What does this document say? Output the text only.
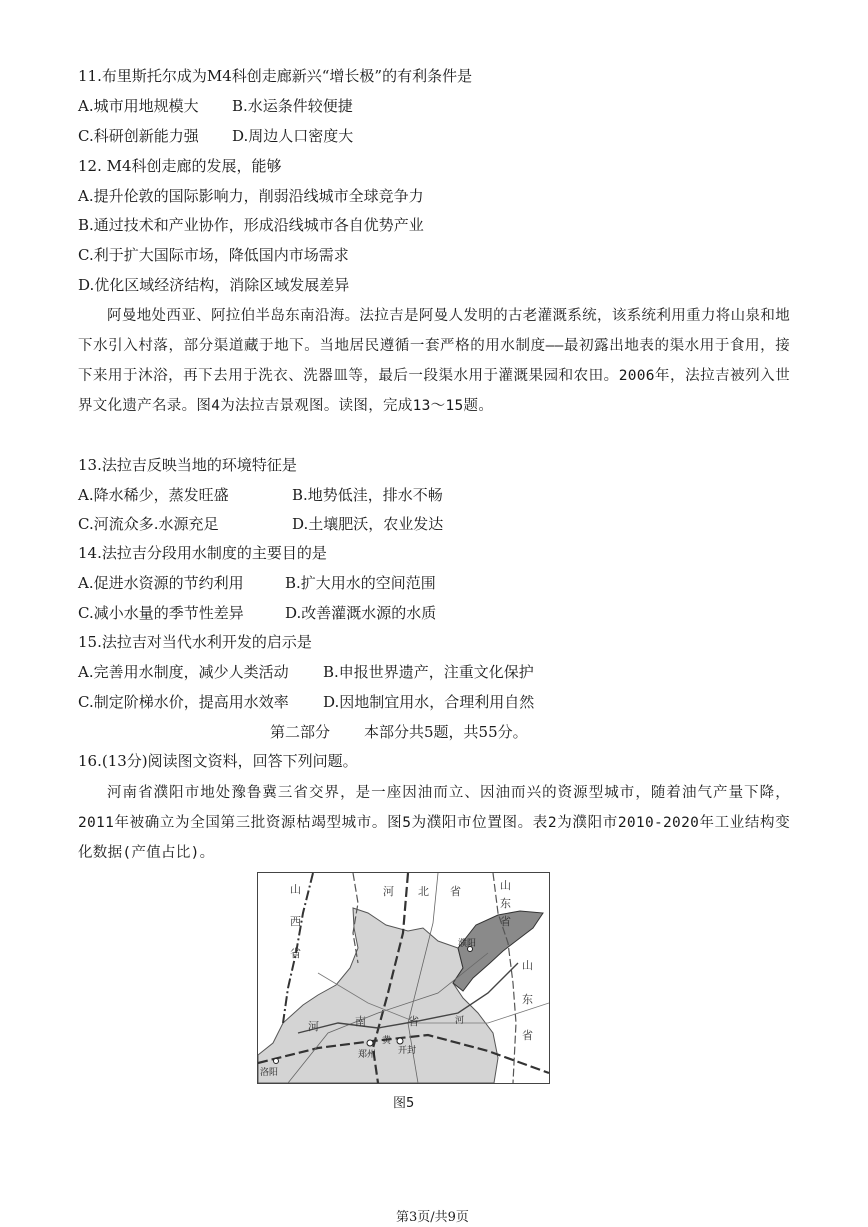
11.布里斯托尔成为M4科创走廊新兴“增长极”的有利条件是
A.城市用地规模大 B.水运条件较便捷
C.科研创新能力强 D.周边人口密度大
12. M4科创走廊的发展，能够
A.提升伦敦的国际影响力，削弱沿线城市全球竞争力
B.通过技术和产业协作，形成沿线城市各自优势产业
C.利于扩大国际市场，降低国内市场需求
D.优化区域经济结构，消除区域发展差异
阿曼地处西亚、阿拉伯半岛东南沿海。法拉吉是阿曼人发明的古老灌溉系统，该系统利用重力将山泉和地下水引入村落，部分渠道藏于地下。当地居民遵循一套严格的用水制度——最初露出地表的渠水用于食用，接下来用于沐浴，再下去用于洗衣、洗器皿等，最后一段渠水用于灌溉果园和农田。2006年，法拉吉被列入世界文化遗产名录。图4为法拉吉景观图。读图，完成13～15题。
13.法拉吉反映当地的环境特征是
A.降水稀少，蒸发旺盛	B.地势低洼，排水不畅
C.河流众多.水源充足	D.土壤肥沃，农业发达
14.法拉吉分段用水制度的主要目的是
A.促进水资源的节约利用	B.扩大用水的空间范围
C.减小水量的季节性差异	D.改善灌溉水源的水质
15.法拉吉对当代水利开发的启示是
A.完善用水制度，减少人类活动 B.申报世界遗产，注重文化保护
C.制定阶梯水价，提高用水效率 D.因地制宜用水，合理利用自然
第二部分 本部分共5题，共55分。
16.(13分)阅读图文资料，回答下列问题。
河南省濮阳市地处豫鲁冀三省交界，是一座因油而立、因油而兴的资源型城市，随着油气产量下降，2011年被确立为全国第三批资源枯竭型城市。图5为濮阳市位置图。表2为濮阳市2010-2020年工业结构变化数据(产值占比)。
山
西
省
河 北 省	山
东
省
山
东
省
河	南	省
濮阳
郑州 开封
洛阳
河
黄
图5
第3页/共9页
